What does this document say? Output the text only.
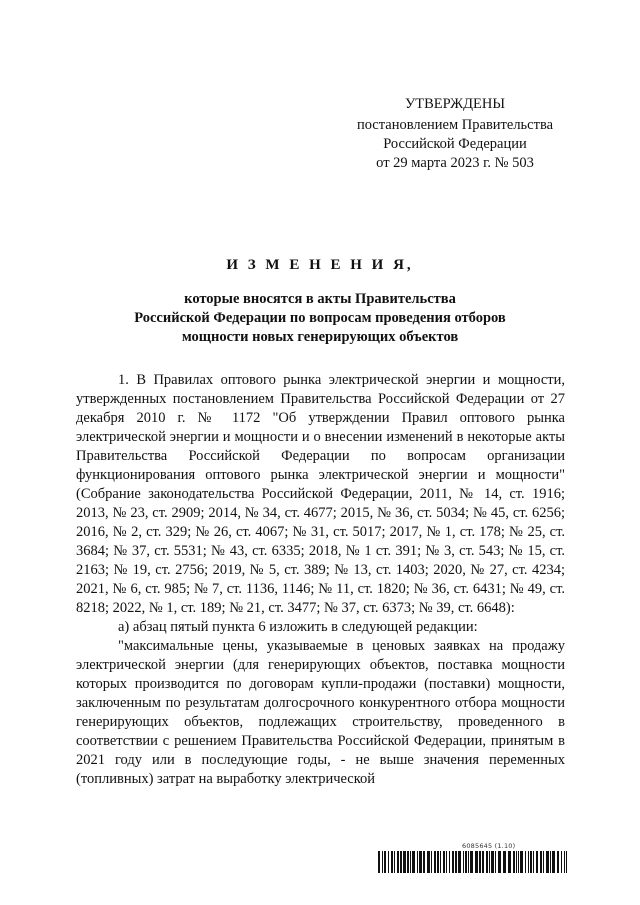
УТВЕРЖДЕНЫ
постановлением Правительства
Российской Федерации
от 29 марта 2023 г. № 503
И З М Е Н Е Н И Я,
которые вносятся в акты Правительства
Российской Федерации по вопросам проведения отборов
мощности новых генерирующих объектов

1. В Правилах оптового рынка электрической энергии и мощности, утвержденных постановлением Правительства Российской Федерации от 27 декабря 2010 г. № 1172 "Об утверждении Правил оптового рынка электрической энергии и мощности и о внесении изменений в некоторые акты Правительства Российской Федерации по вопросам организации функционирования оптового рынка электрической энергии и мощности" (Собрание законодательства Российской Федерации, 2011, № 14, ст. 1916; 2013, № 23, ст. 2909; 2014, № 34, ст. 4677; 2015, № 36, ст. 5034; № 45, ст. 6256; 2016, № 2, ст. 329; № 26, ст. 4067; № 31, ст. 5017; 2017, № 1, ст. 178; № 25, ст. 3684; № 37, ст. 5531; № 43, ст. 6335; 2018, № 1 ст. 391; № 3, ст. 543; № 15, ст. 2163; № 19, ст. 2756; 2019, № 5, ст. 389; № 13, ст. 1403; 2020, № 27, ст. 4234; 2021, № 6, ст. 985; № 7, ст. 1136, 1146; № 11, ст. 1820; № 36, ст. 6431; № 49, ст. 8218; 2022, № 1, ст. 189; № 21, ст. 3477; № 37, ст. 6373; № 39, ст. 6648):

а) абзац пятый пункта 6 изложить в следующей редакции:

"максимальные цены, указываемые в ценовых заявках на продажу электрической энергии (для генерирующих объектов, поставка мощности которых производится по договорам купли-продажи (поставки) мощности, заключенным по результатам долгосрочного конкурентного отбора мощности генерирующих объектов, подлежащих строительству, проведенного в соответствии с решением Правительства Российской Федерации, принятым в 2021 году или в последующие годы, - не выше значения переменных (топливных) затрат на выработку электрической

6085645 (1.10)
